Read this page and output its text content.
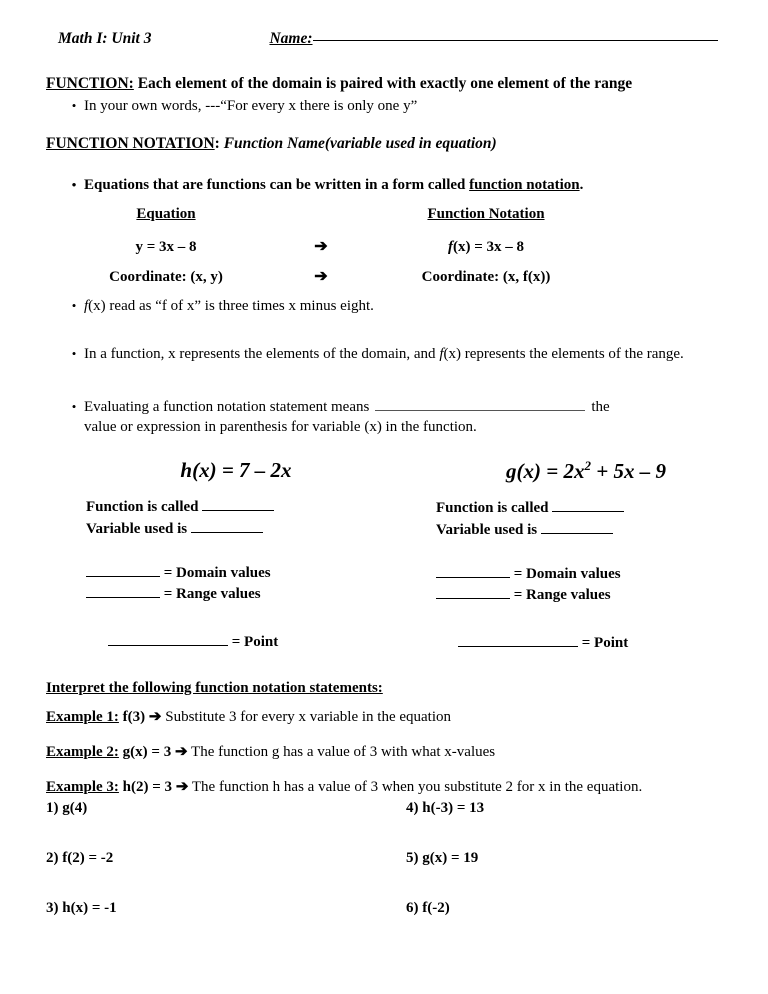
Math I: Unit 3	Name:
FUNCTION: Each element of the domain is paired with exactly one element of the range
• In your own words, ---“For every x there is only one y”
FUNCTION NOTATION: Function Name(variable used in equation)
• Equations that are functions can be written in a form called function notation.
Equation	Function Notation
y = 3x – 8	➔	f(x) = 3x – 8
Coordinate: (x, y)	➔	Coordinate: (x, f(x))
• f(x) read as “f of x” is three times x minus eight.
• In a function, x represents the elements of the domain, and f(x) represents the elements of the range.
• Evaluating a function notation statement means	the
value or expression in parenthesis for variable (x) in the function.
h(x) = 7 – 2x
Function is called
Variable used is
= Domain values
= Range values
= Point
$g(x) = 2x^2 + 5x - 9$
Function is called
Variable used is
= Domain values
= Range values
= Point
Interpret the following function notation statements:
Example 1: f(3) ➔ Substitute 3 for every x variable in the equation
Example 2: g(x) = 3 ➔ The function g has a value of 3 with what x-values
Example 3: h(2) = 3 ➔ The function h has a value of 3 when you substitute 2 for x in the equation.
1) g(4)	4) h(-3) = 13
2) f(2) = -2	5) g(x) = 19
3) h(x) = -1	6) f(-2)
